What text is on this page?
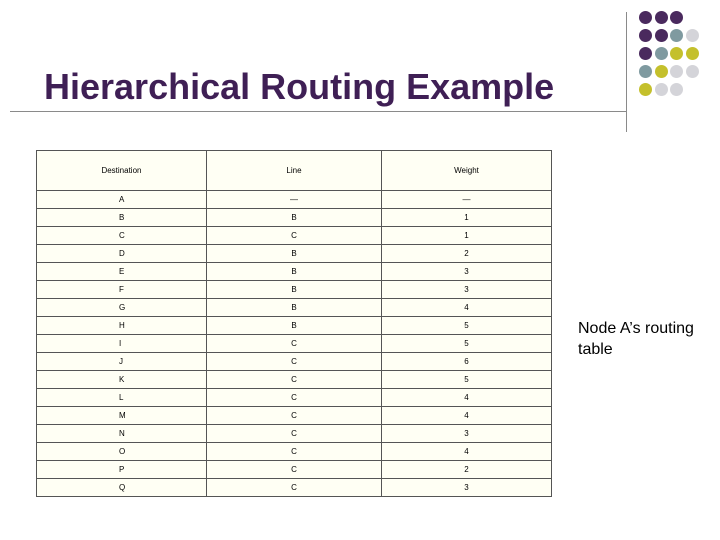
Hierarchical Routing Example
Destination	Line	Weight
A	—	—
B	B	1
C	C	1
D	B	2
E	B	3
F	B	3
G	B	4
H	B	5
I	C	5
J	C	6
K	C	5
L	C	4
M	C	4
N	C	3
O	C	4
P	C	2
Q	C	3
Node A’s routing
table
